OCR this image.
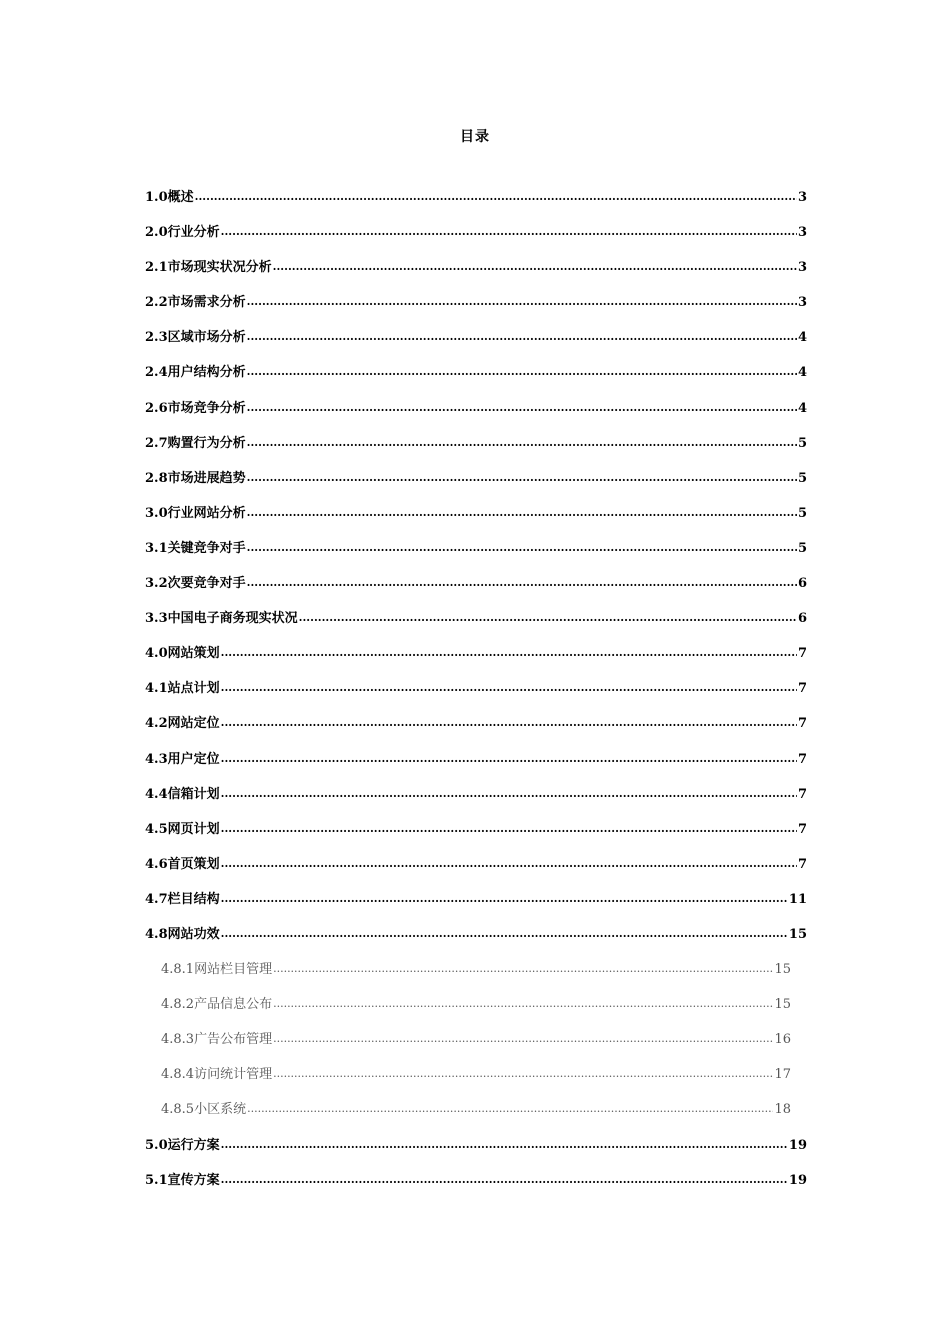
目录
1.0概述 .....	3
2.0行业分析 .....	3
2.1市场现实状况分析 .....	3
2.2市场需求分析 .....	3
2.3区域市场分析 .....	4
2.4用户结构分析 .....	4
2.6市场竞争分析 .....	4
2.7购置行为分析 .....	5
2.8市场进展趋势 .....	5
3.0行业网站分析 .....	5
3.1关键竞争对手 .....	5
3.2次要竞争对手 .....	6
3.3中国电子商务现实状况 .....	6
4.0网站策划 .....	7
4.1站点计划 .....	7
4.2网站定位 .....	7
4.3用户定位 .....	7
4.4信箱计划 .....	7
4.5网页计划 .....	7
4.6首页策划 .....	7
4.7栏目结构 .....	11
4.8网站功效 .....	15
4.8.1网站栏目管理 .....	15
4.8.2产品信息公布 .....	15
4.8.3广告公布管理 .....	16
4.8.4访问统计管理 .....	17
4.8.5小区系统 .....	18
5.0运行方案 .....	19
5.1宣传方案 .....	19
